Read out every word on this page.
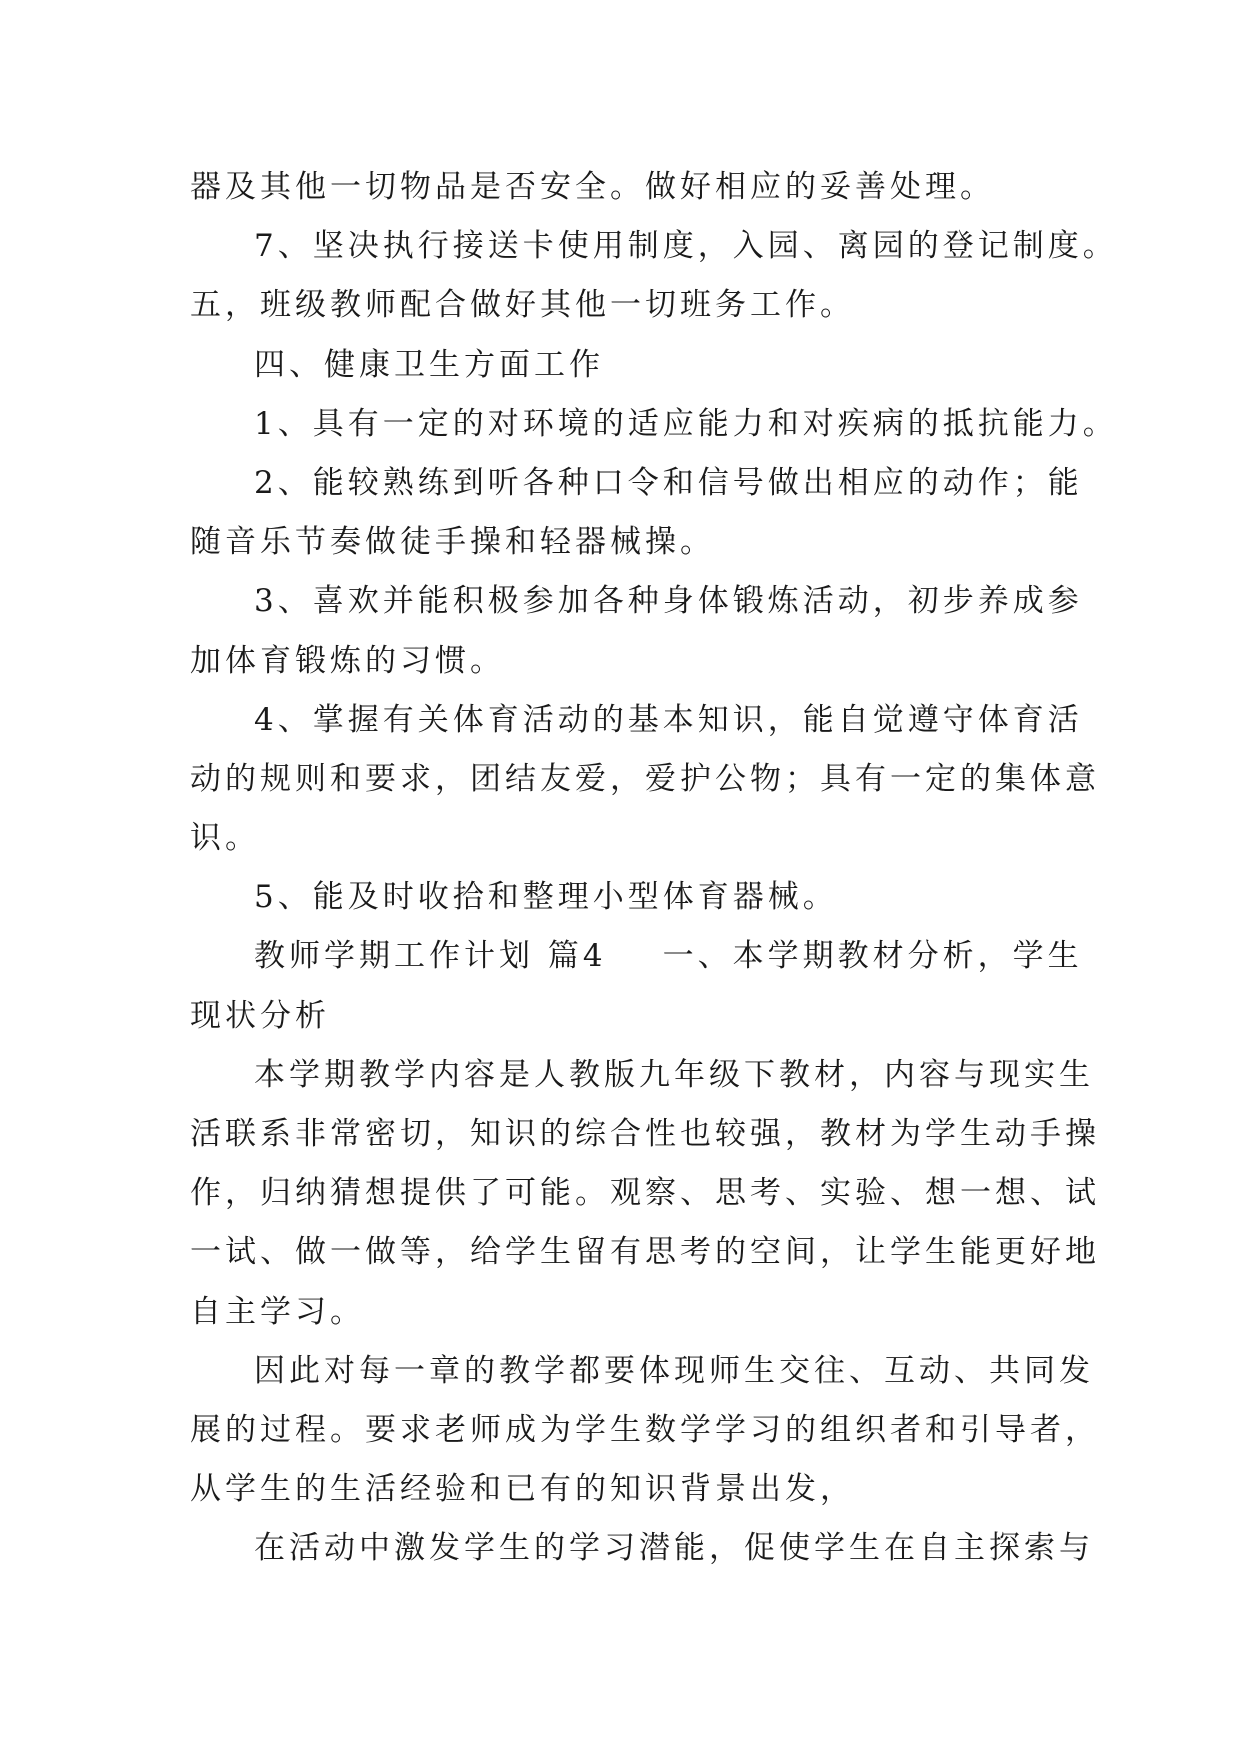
器及其他一切物品是否安全。做好相应的妥善处理。
7、坚决执行接送卡使用制度，入园、离园的登记制度。
五，班级教师配合做好其他一切班务工作。
四、健康卫生方面工作
1、具有一定的对环境的适应能力和对疾病的抵抗能力。
2、能较熟练到听各种口令和信号做出相应的动作；能
随音乐节奏做徒手操和轻器械操。
3、喜欢并能积极参加各种身体锻炼活动，初步养成参
加体育锻炼的习惯。
4、掌握有关体育活动的基本知识，能自觉遵守体育活
动的规则和要求，团结友爱，爱护公物；具有一定的集体意
识。
5、能及时收拾和整理小型体育器械。
教师学期工作计划 篇4 一、本学期教材分析，学生
现状分析
本学期教学内容是人教版九年级下教材，内容与现实生
活联系非常密切，知识的综合性也较强，教材为学生动手操
作，归纳猜想提供了可能。观察、思考、实验、想一想、试
一试、做一做等，给学生留有思考的空间，让学生能更好地
自主学习。
因此对每一章的教学都要体现师生交往、互动、共同发
展的过程。要求老师成为学生数学学习的组织者和引导者，
从学生的生活经验和已有的知识背景出发，
在活动中激发学生的学习潜能，促使学生在自主探索与
